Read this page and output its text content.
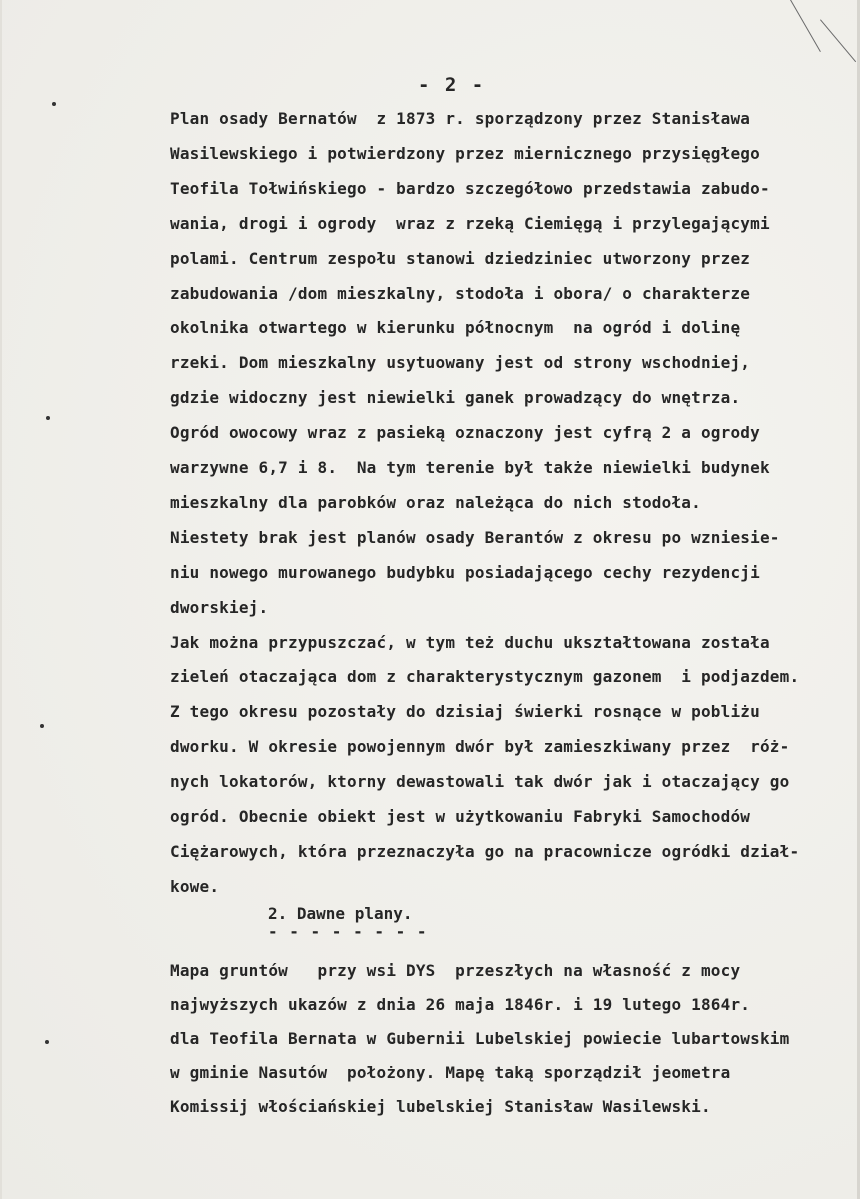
- 2 -
Plan osady Bernatów  z 1873 r. sporządzony przez Stanisława
Wasilewskiego i potwierdzony przez miernicznego przysięgłego
Teofila Tołwińskiego - bardzo szczegółowo przedstawia zabudo-
wania, drogi i ogrody  wraz z rzeką Ciemięgą i przylegającymi
polami. Centrum zespołu stanowi dziedziniec utworzony przez
zabudowania /dom mieszkalny, stodoła i obora/ o charakterze
okolnika otwartego w kierunku północnym  na ogród i dolinę
rzeki. Dom mieszkalny usytuowany jest od strony wschodniej,
gdzie widoczny jest niewielki ganek prowadzący do wnętrza.
Ogród owocowy wraz z pasieką oznaczony jest cyfrą 2 a ogrody
warzywne 6,7 i 8.  Na tym terenie był także niewielki budynek
mieszkalny dla parobków oraz należąca do nich stodoła.
Niestety brak jest planów osady Berantów z okresu po wzniesie-
niu nowego murowanego budybku posiadającego cechy rezydencji
dworskiej.
Jak można przypuszczać, w tym też duchu ukształtowana została
zieleń otaczająca dom z charakterystycznym gazonem  i podjazdem.
Z tego okresu pozostały do dzisiaj świerki rosnące w pobliżu
dworku. W okresie powojennym dwór był zamieszkiwany przez  róż-
nych lokatorów, ktorny dewastowali tak dwór jak i otaczający go
ogród. Obecnie obiekt jest w użytkowaniu Fabryki Samochodów
Ciężarowych, która przeznaczyła go na pracownicze ogródki dział-
kowe.
2. Dawne plany.
- - - - - - - -
Mapa gruntów   przy wsi DYS  przeszłych na własność z mocy
najwyższych ukazów z dnia 26 maja 1846r. i 19 lutego 1864r.
dla Teofila Bernata w Gubernii Lubelskiej powiecie lubartowskim
w gminie Nasutów  położony. Mapę taką sporządził jeometra
Komissij włościańskiej lubelskiej Stanisław Wasilewski.
